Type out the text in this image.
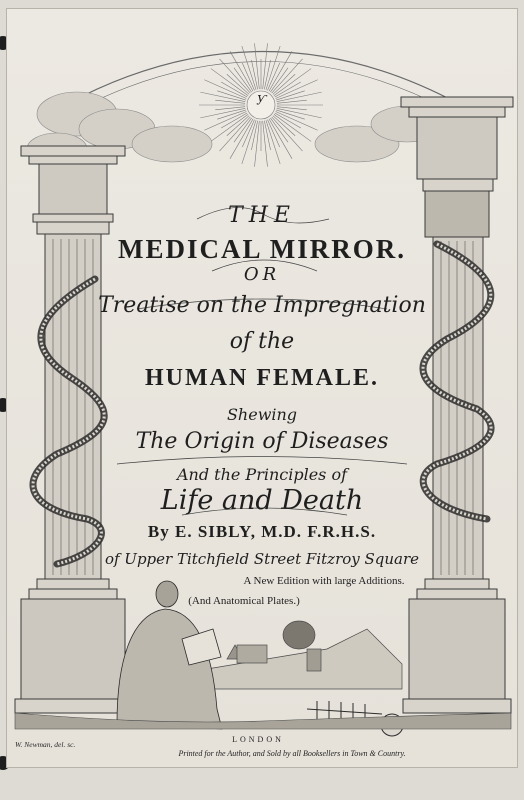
ƴ
THE
MEDICAL MIRROR.
OR
Treatise on the Impregnation
of the
HUMAN FEMALE.
Shewing
The Origin of Diseases
And the Principles of
Life and Death
By E. SIBLY, M.D. F.R.H.S.
of Upper Titchfield Street Fitzroy Square
A New Edition with large Additions.
(And Anatomical Plates.)
W. Newman, del. sc.
LONDON
Printed for the Author, and Sold by all Booksellers in Town & Country.
